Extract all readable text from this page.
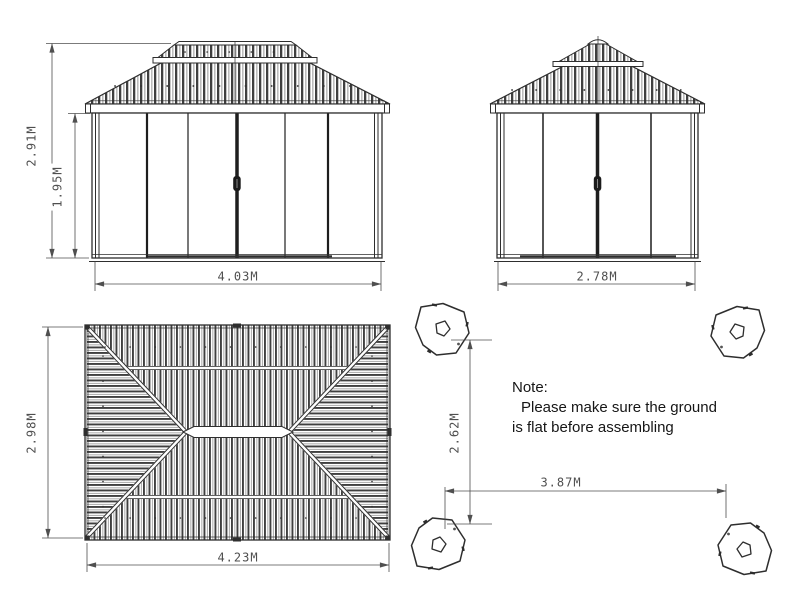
2.91M
1.95M
4.03M	2.78M
2.98M
4.23M
2.62M
3.87M
Note:
Please make sure the ground
is flat before assembling
